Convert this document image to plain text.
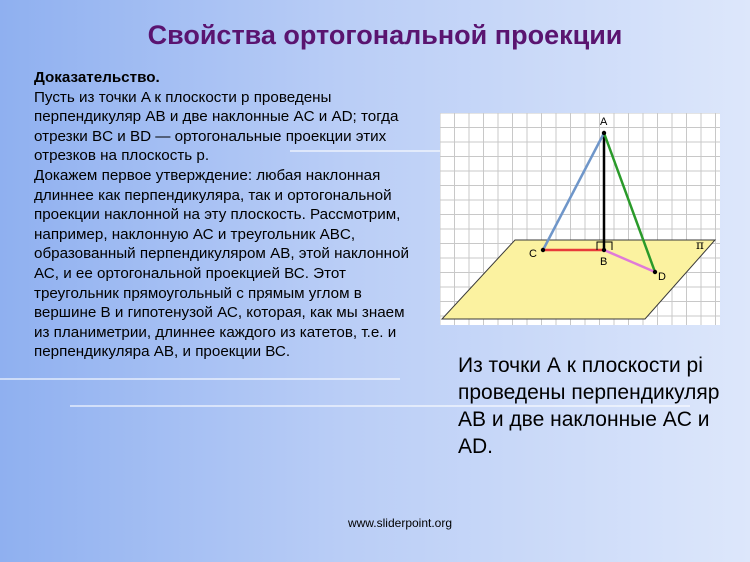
Свойства ортогональной проекции

Доказательство.

Пусть из точки A к плоскости р проведены перпендикуляр AB и две наклонные AC и AD; тогда отрезки BC и BD — ортогональные проекции этих отрезков на плоскость р.

Докажем первое утверждение: любая наклонная длиннее как перпендикуляра, так и ортогональной проекции наклонной на эту плоскость. Рассмотрим, например, наклонную АС и треугольник ABC, образованный перпендикуляром АВ, этой наклонной АС, и ее ортогональной проекцией ВС. Этот треугольник прямоугольный с прямым углом в вершине В и гипотенузой АС, которая, как мы знаем из планиметрии, длиннее каждого из катетов, т.е. и перпендикуляра АВ, и проекции ВС.

A
B
C
D
π
Из точки А к плоскости pi проведены перпендикуляр AB и две наклонные AC и AD.
www.sliderpoint.org
